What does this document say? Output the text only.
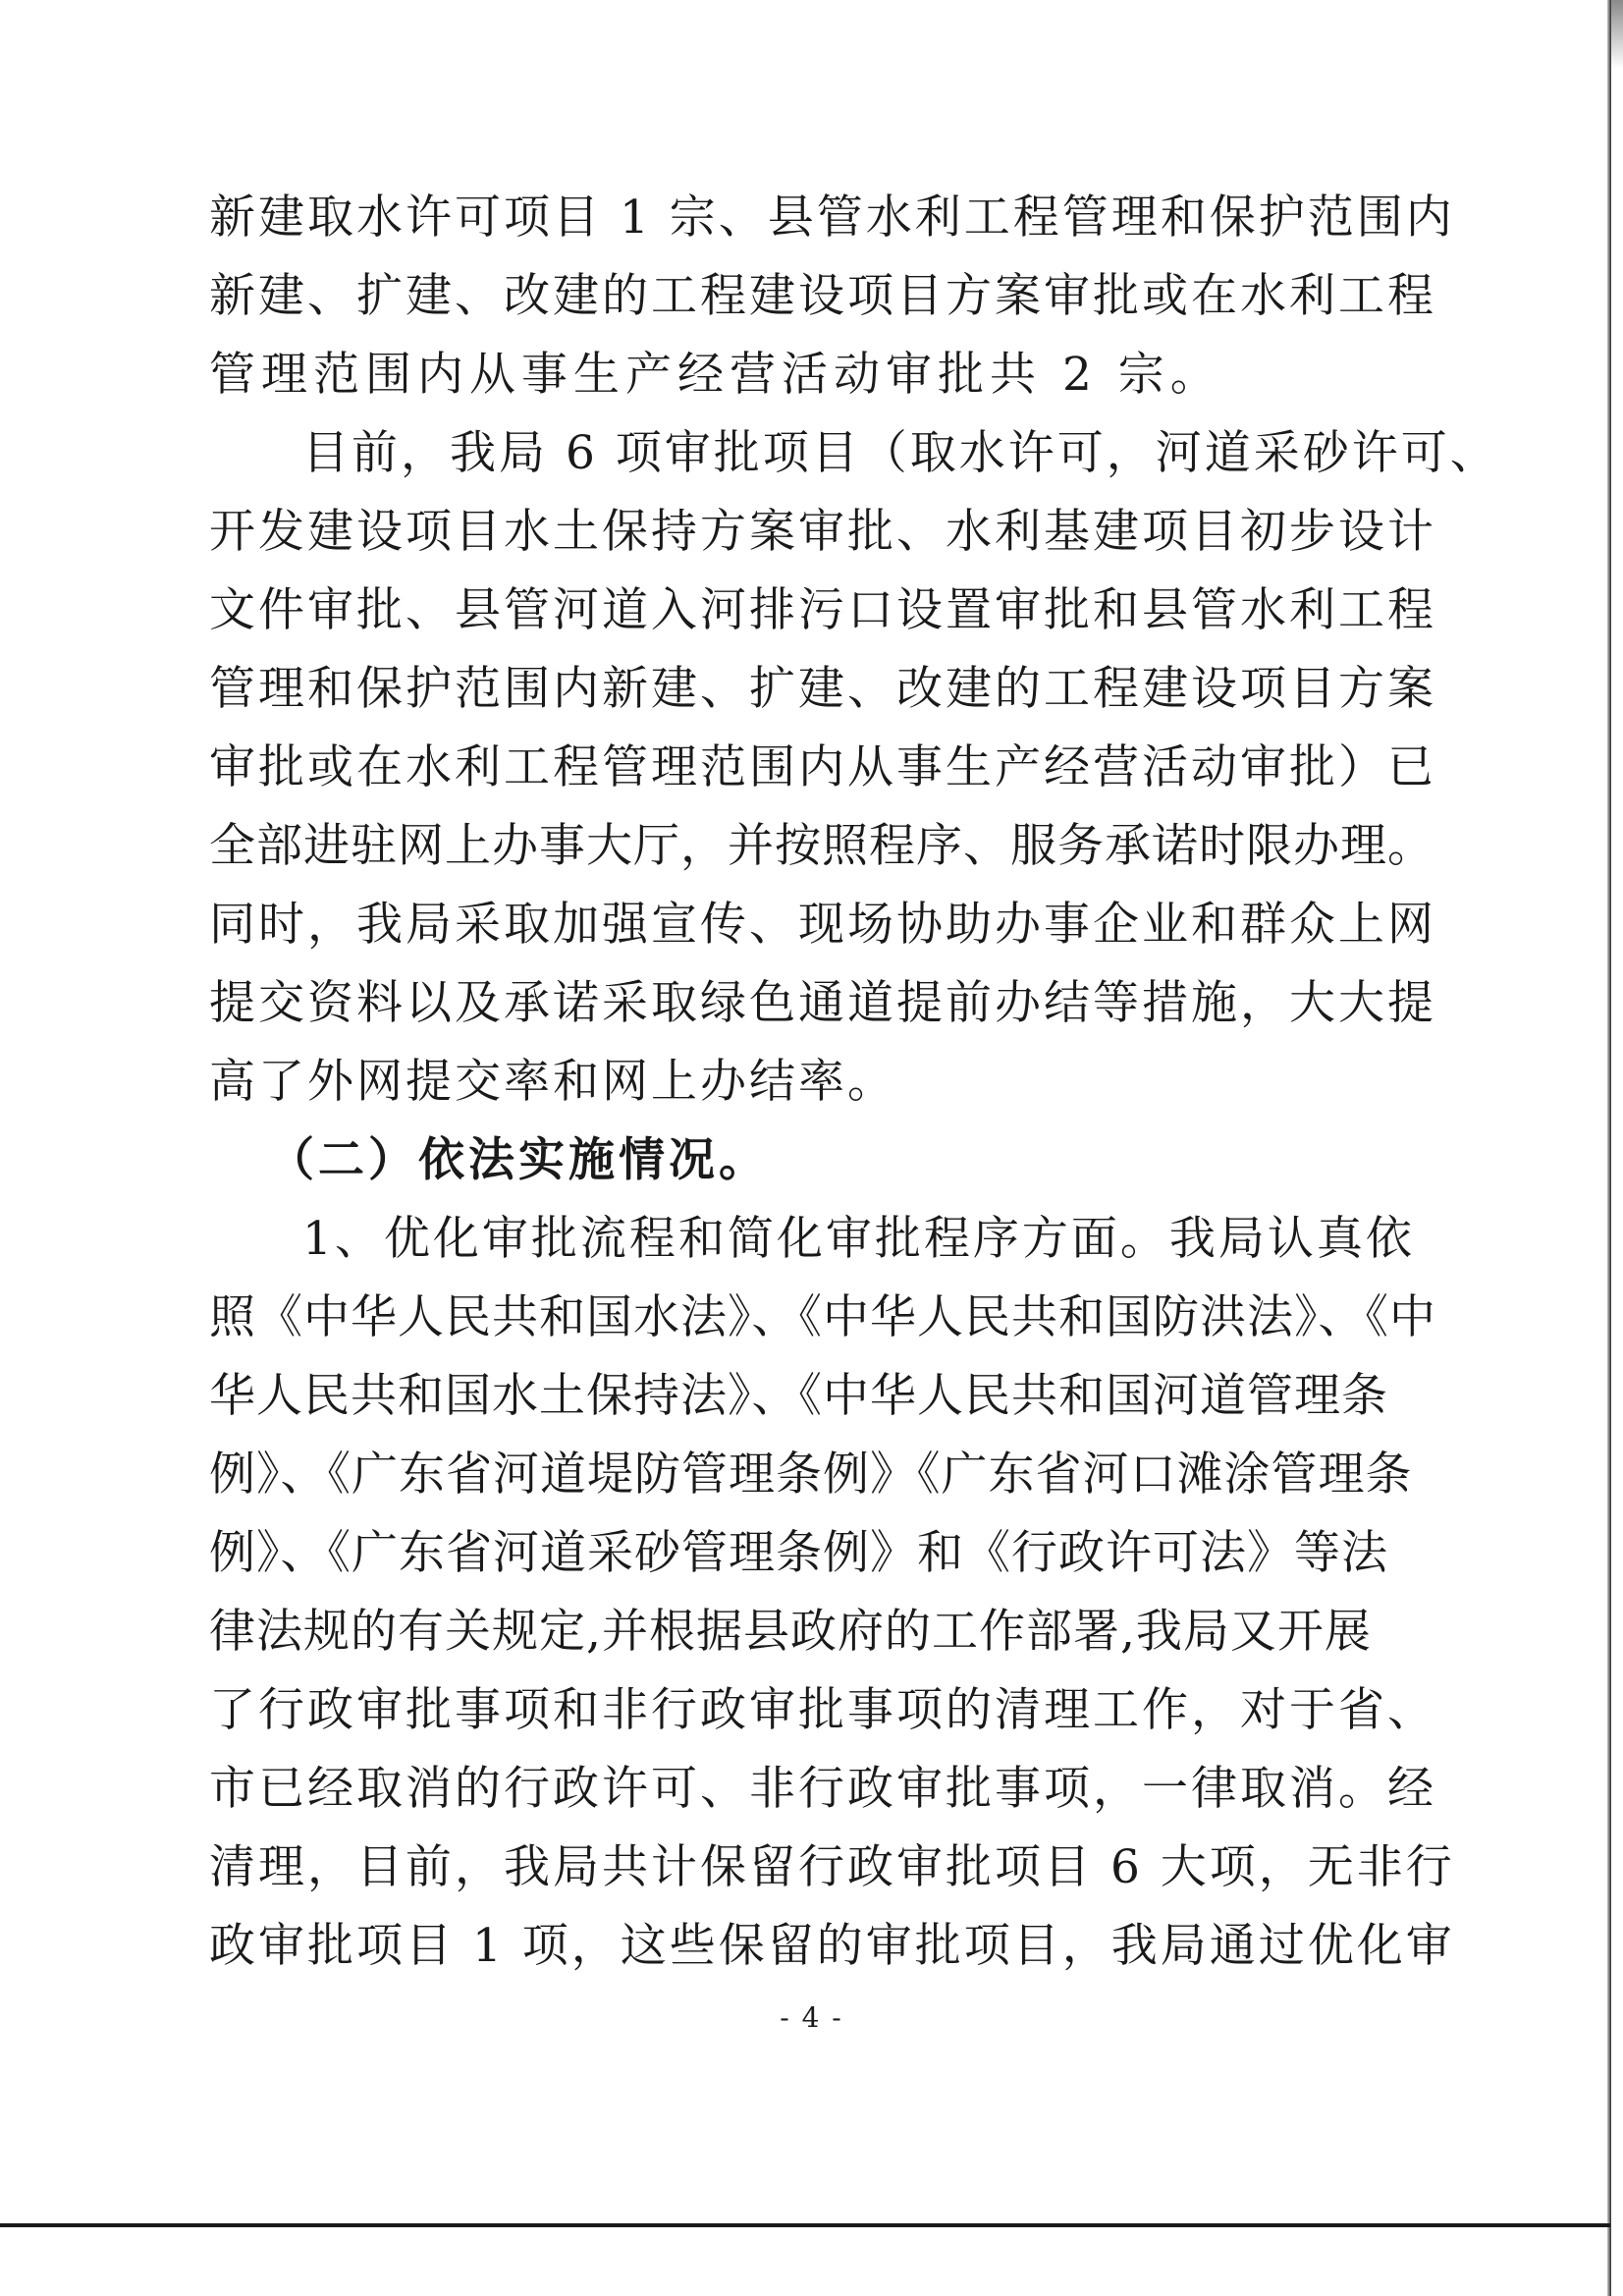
新建取水许可项目 1 宗、县管水利工程管理和保护范围内
新建、扩建、改建的工程建设项目方案审批或在水利工程
管理范围内从事生产经营活动审批共 2 宗。
目前，我局 6 项审批项目（取水许可，河道采砂许可、
开发建设项目水土保持方案审批、水利基建项目初步设计
文件审批、县管河道入河排污口设置审批和县管水利工程
管理和保护范围内新建、扩建、改建的工程建设项目方案
审批或在水利工程管理范围内从事生产经营活动审批）已
全部进驻网上办事大厅，并按照程序、服务承诺时限办理。
同时，我局采取加强宣传、现场协助办事企业和群众上网
提交资料以及承诺采取绿色通道提前办结等措施，大大提
高了外网提交率和网上办结率。
（二）依法实施情况。
1、优化审批流程和简化审批程序方面。我局认真依
照《中华人民共和国水法》、《中华人民共和国防洪法》、《中
华人民共和国水土保持法》、《中华人民共和国河道管理条
例》、《广东省河道堤防管理条例》《广东省河口滩涂管理条
例》、《广东省河道采砂管理条例》和《行政许可法》等法
律法规的有关规定,并根据县政府的工作部署,我局又开展
了行政审批事项和非行政审批事项的清理工作，对于省、
市已经取消的行政许可、非行政审批事项，一律取消。经
清理，目前，我局共计保留行政审批项目 6 大项，无非行
政审批项目 1 项，这些保留的审批项目，我局通过优化审
- 4 -
